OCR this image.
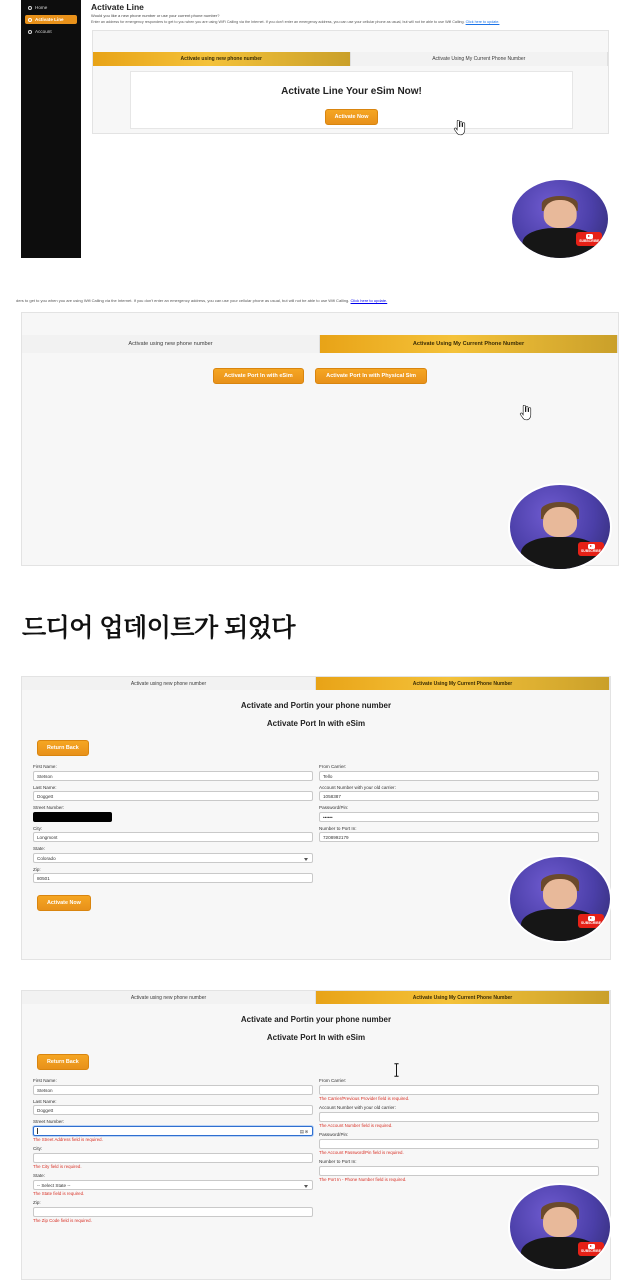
Home
Activate Line
Account
Activate Line
Would you like a new phone number or use your current phone number?
Enter an address for emergency responders to get to you when you are using WiFi Calling via the Internet. If you don't enter an emergency address, you can use your cellular phone as usual, but will not be able to use Wifi Calling. Click here to update.
Activate using new phone number	Activate Using My Current Phone Number
Activate Line Your eSim Now!
Activate Now
SUBSCRIBE
ders to get to you when you are using Wifi Calling via the Internet. If you don't enter an emergency address, you can use your cellular phone as usual, but will not be able to use Wifi Calling. Click here to update.
Activate using new phone number	Activate Using My Current Phone Number
Activate Port In with eSim	Activate Port In with Physical Sim
SUBSCRIBE
드디어 업데이트가 되었다
Activate using new phone number	Activate Using My Current Phone Number
Activate and Portin your phone number
Activate Port In with eSim
Return Back
First Name:
Stetson
Last Name:
Doggett
Street Number:
City:
Longmont
State:
Colorado
Zip:
80501
From Carrier:
Tello
Account Number with your old carrier:
1058387
Password/Pin:
••••••
Number to Port In:
7208992179
Activate Now
SUBSCRIBE
Activate using new phone number	Activate Using My Current Phone Number
Activate and Portin your phone number
Activate Port In with eSim
Return Back
First Name:
Stetson
Last Name:
Doggett
Street Number:
▤⊗
The Street Address field is required.
City:
The City field is required.
State:
-- Select State --
The State field is required.
Zip:
The Zip Code field is required.
From Carrier:
The Carrier/Previous Provider field is required.
Account Number with your old carrier:
The Account Number field is required.
Password/Pin:
The Account Password/Pin field is required.
Number to Port In:
The Port In - Phone Number field is required.
SUBSCRIBE
